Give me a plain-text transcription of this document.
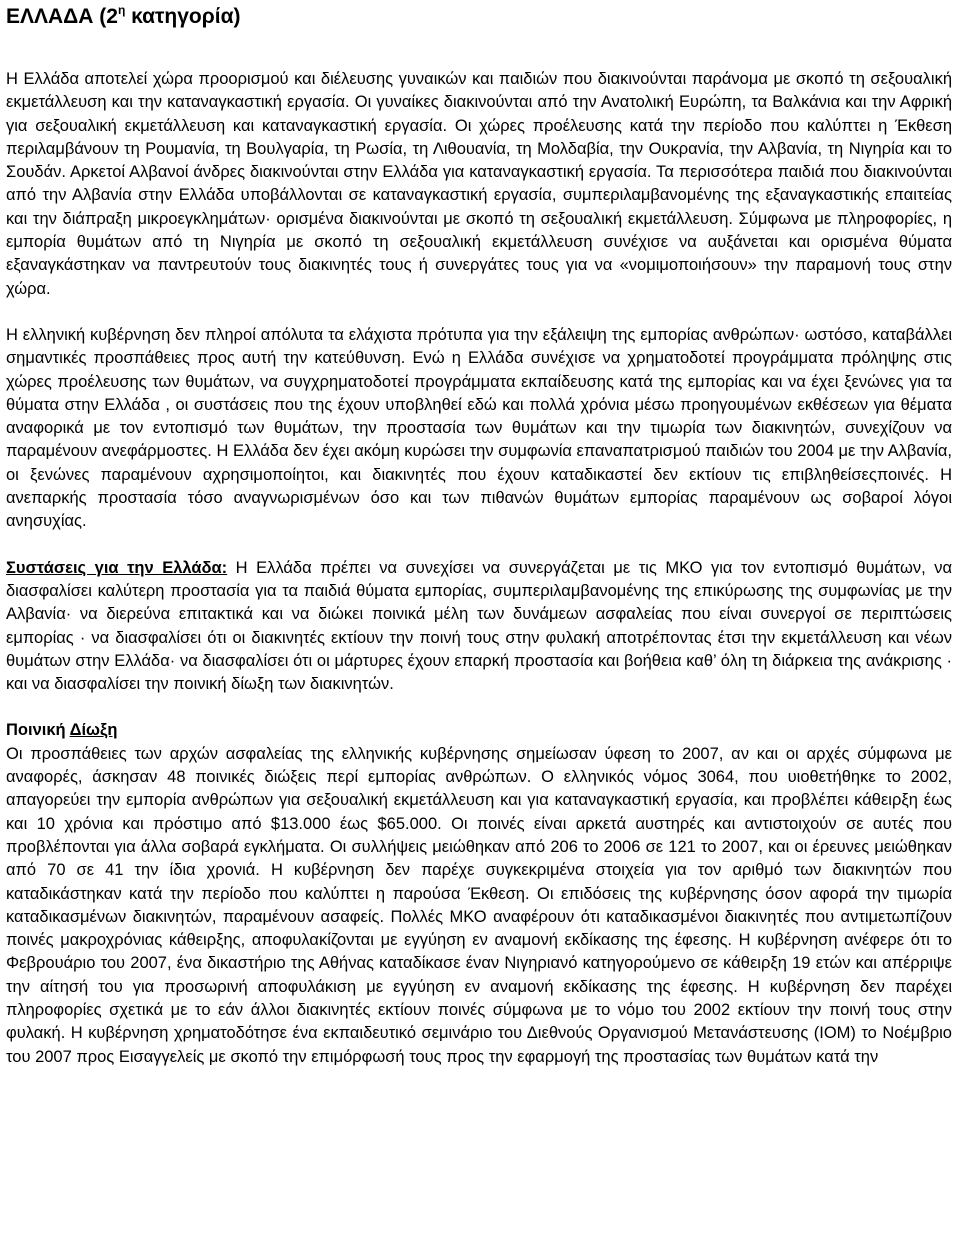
ΕΛΛΑΔΑ ($2^\eta$ κατηγορία)

Η Ελλάδα αποτελεί χώρα προορισμού και διέλευσης γυναικών και παιδιών που διακινούνται παράνομα με σκοπό τη σεξουαλική εκμετάλλευση και την καταναγκαστική εργασία. Οι γυναίκες διακινούνται από την Ανατολική Ευρώπη, τα Βαλκάνια και την Αφρική για σεξουαλική εκμετάλλευση και καταναγκαστική εργασία. Οι χώρες προέλευσης κατά την περίοδο που καλύπτει η Έκθεση περιλαμβάνουν τη Ρουμανία, τη Βουλγαρία, τη Ρωσία, τη Λιθουανία, τη Μολδαβία, την Ουκρανία, την Αλβανία, τη Νιγηρία και το Σουδάν. Αρκετοί Αλβανοί άνδρες διακινούνται στην Ελλάδα για καταναγκαστική εργασία. Τα περισσότερα παιδιά που διακινούνται από την Αλβανία στην Ελλάδα υποβάλλονται σε καταναγκαστική εργασία, συμπεριλαμβανομένης της εξαναγκαστικής επαιτείας και την διάπραξη μικροεγκλημάτων· ορισμένα διακινούνται με σκοπό τη σεξουαλική εκμετάλλευση. Σύμφωνα με πληροφορίες, η εμπορία θυμάτων από τη Νιγηρία με σκοπό τη σεξουαλική εκμετάλλευση συνέχισε να αυξάνεται και ορισμένα θύματα εξαναγκάστηκαν να παντρευτούν τους διακινητές τους ή συνεργάτες τους για να «νομιμοποιήσουν» την παραμονή τους στην χώρα.

Η ελληνική κυβέρνηση δεν πληροί απόλυτα τα ελάχιστα πρότυπα για την εξάλειψη της εμπορίας ανθρώπων· ωστόσο, καταβάλλει σημαντικές προσπάθειες προς αυτή την κατεύθυνση. Ενώ η Ελλάδα συνέχισε να χρηματοδοτεί προγράμματα πρόληψης στις χώρες προέλευσης των θυμάτων, να συγχρηματοδοτεί προγράμματα εκπαίδευσης κατά της εμπορίας και να έχει ξενώνες για τα θύματα στην Ελλάδα , οι συστάσεις που της έχουν υποβληθεί εδώ και πολλά χρόνια μέσω προηγουμένων εκθέσεων για θέματα αναφορικά με τον εντοπισμό των θυμάτων, την προστασία των θυμάτων και την τιμωρία των διακινητών, συνεχίζουν να παραμένουν ανεφάρμοστες. Η Ελλάδα δεν έχει ακόμη κυρώσει την συμφωνία επαναπατρισμού παιδιών του 2004 με την Αλβανία, οι ξενώνες παραμένουν αχρησιμοποίητοι, και διακινητές που έχουν καταδικαστεί δεν εκτίουν τις επιβληθείσεςποινές. Η ανεπαρκής προστασία τόσο αναγνωρισμένων όσο και των πιθανών θυμάτων εμπορίας παραμένουν ως σοβαροί λόγοι ανησυχίας.

Συστάσεις για την Ελλάδα: Η Ελλάδα πρέπει να συνεχίσει να συνεργάζεται με τις ΜΚΟ για τον εντοπισμό θυμάτων, να διασφαλίσει καλύτερη προστασία για τα παιδιά θύματα εμπορίας, συμπεριλαμβανομένης της επικύρωσης της συμφωνίας με την Αλβανία· να διερεύνα επιτακτικά και να διώκει ποινικά μέλη των δυνάμεων ασφαλείας που είναι συνεργοί σε περιπτώσεις εμπορίας · να διασφαλίσει ότι οι διακινητές εκτίουν την ποινή τους στην φυλακή αποτρέποντας έτσι την εκμετάλλευση και νέων θυμάτων στην Ελλάδα· να διασφαλίσει ότι οι μάρτυρες έχουν επαρκή προστασία και βοήθεια καθ’ όλη τη διάρκεια της ανάκρισης · και να διασφαλίσει την ποινική δίωξη των διακινητών.

Ποινική Δίωξη

Οι προσπάθειες των αρχών ασφαλείας της ελληνικής κυβέρνησης σημείωσαν ύφεση το 2007, αν και οι αρχές σύμφωνα με αναφορές, άσκησαν 48 ποινικές διώξεις περί εμπορίας ανθρώπων. Ο ελληνικός νόμος 3064, που υιοθετήθηκε το 2002, απαγορεύει την εμπορία ανθρώπων για σεξουαλική εκμετάλλευση και για καταναγκαστική εργασία, και προβλέπει κάθειρξη έως και 10 χρόνια και πρόστιμο από $13.000 έως $65.000. Οι ποινές είναι αρκετά αυστηρές και αντιστοιχούν σε αυτές που προβλέπονται για άλλα σοβαρά εγκλήματα. Οι συλλήψεις μειώθηκαν από 206 το 2006 σε 121 το 2007, και οι έρευνες μειώθηκαν από 70 σε 41 την ίδια χρονιά. Η κυβέρνηση δεν παρέχε συγκεκριμένα στοιχεία για τον αριθμό των διακινητών που καταδικάστηκαν κατά την περίοδο που καλύπτει η παρούσα Έκθεση. Οι επιδόσεις της κυβέρνησης όσον αφορά την τιμωρία καταδικασμένων διακινητών, παραμένουν ασαφείς. Πολλές ΜΚΟ αναφέρουν ότι καταδικασμένοι διακινητές που αντιμετωπίζουν ποινές μακροχρόνιας κάθειρξης, αποφυλακίζονται με εγγύηση εν αναμονή εκδίκασης της έφεσης. Η κυβέρνηση ανέφερε ότι το Φεβρουάριο του 2007, ένα δικαστήριο της Αθήνας καταδίκασε έναν Νιγηριανό κατηγορούμενο σε κάθειρξη 19 ετών και απέρριψε την αίτησή του για προσωρινή αποφυλάκιση με εγγύηση εν αναμονή εκδίκασης της έφεσης. Η κυβέρνηση δεν παρέχει πληροφορίες σχετικά με το εάν άλλοι διακινητές εκτίουν ποινές σύμφωνα με το νόμο του 2002 εκτίουν την ποινή τους στην φυλακή. Η κυβέρνηση χρηματοδότησε ένα εκπαιδευτικό σεμινάριο του Διεθνούς Οργανισμού Μετανάστευσης (ΙΟΜ) το Νοέμβριο του 2007 προς Εισαγγελείς με σκοπό την επιμόρφωσή τους προς την εφαρμογή της προστασίας των θυμάτων κατά την
